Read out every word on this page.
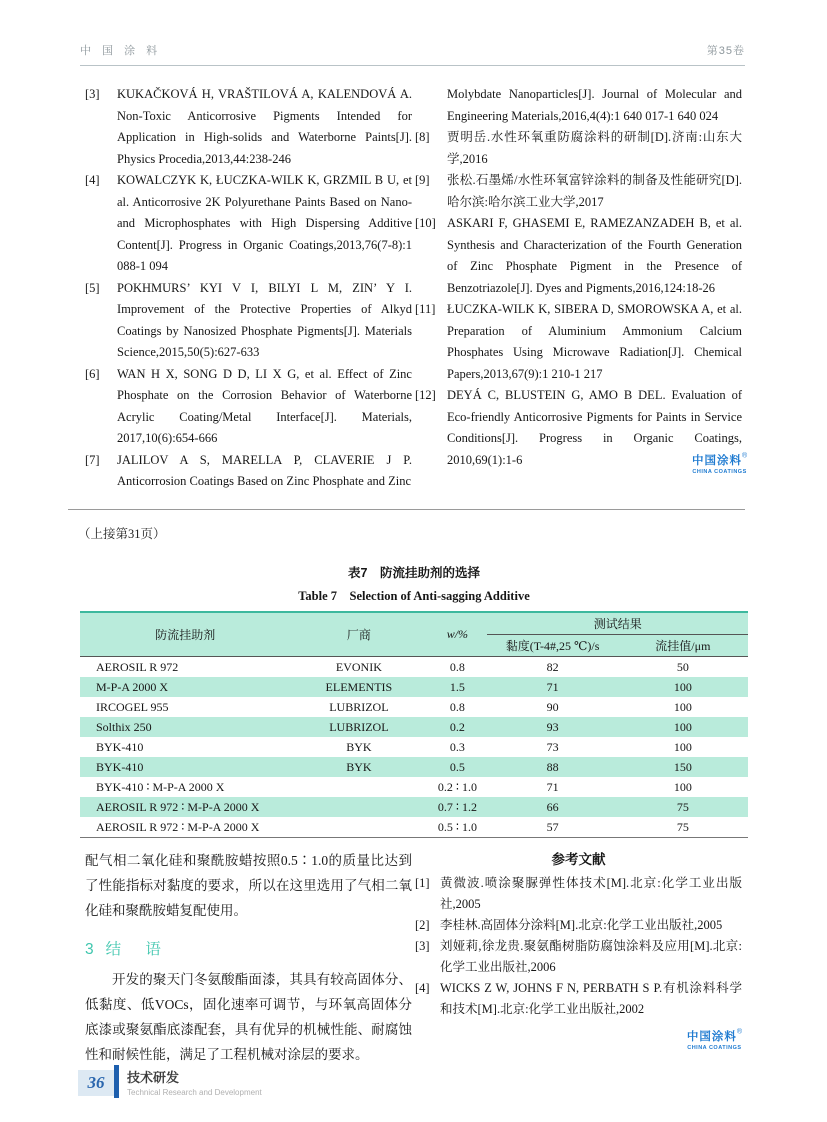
中 国 涂 料	第35卷
[3] KUKAČKOVÁ H, VRAŠTILOVÁ A, KALENDOVÁ A. Non-Toxic Anticorrosive Pigments Intended for Application in High-solids and Waterborne Paints[J]. Physics Procedia,2013,44:238-246
[4] KOWALCZYK K, ŁUCZKA-WILK K, GRZMIL B U, et al. Anticorrosive 2K Polyurethane Paints Based on Nano- and Microphosphates with High Dispersing Additive Content[J]. Progress in Organic Coatings,2013,76(7-8):1 088-1 094
[5] POKHMURS’ KYI V I, BILYI L M, ZIN’ Y I. Improvement of the Protective Properties of Alkyd Coatings by Nanosized Phosphate Pigments[J]. Materials Science,2015,50(5):627-633
[6] WAN H X, SONG D D, LI X G, et al. Effect of Zinc Phosphate on the Corrosion Behavior of Waterborne Acrylic Coating/Metal Interface[J]. Materials, 2017,10(6):654-666
[7] JALILOV A S, MARELLA P, CLAVERIE J P. Anticorrosion Coatings Based on Zinc Phosphate and Zinc
Molybdate Nanoparticles[J]. Journal of Molecular and Engineering Materials,2016,4(4):1 640 017-1 640 024
[8] 贾明岳.水性环氧重防腐涂料的研制[D].济南:山东大学,2016
[9] 张松.石墨烯/水性环氧富锌涂料的制备及性能研究[D].哈尔滨:哈尔滨工业大学,2017
[10] ASKARI F, GHASEMI E, RAMEZANZADEH B, et al. Synthesis and Characterization of the Fourth Generation of Zinc Phosphate Pigment in the Presence of Benzotriazole[J]. Dyes and Pigments,2016,124:18-26
[11] ŁUCZKA-WILK K, SIBERA D, SMOROWSKA A, et al. Preparation of Aluminium Ammonium Calcium Phosphates Using Microwave Radiation[J]. Chemical Papers,2013,67(9):1 210-1 217
[12] DEYÁ C, BLUSTEIN G, AMO B DEL. Evaluation of Eco-friendly Anticorrosive Pigments for Paints in Service Conditions[J]. Progress in Organic Coatings, 2010,69(1):1-6	中国涂料®
CHINA COATINGS
（上接第31页）
表7　防流挂助剂的选择
Table 7　Selection of Anti-sagging Additive
防流挂助剂	厂商	w/%	测试结果	
			黏度(T-4#,25 ℃)/s	流挂值/μm
AEROSIL R 972	EVONIK	0.8	82	50
M-P-A 2000 X	ELEMENTIS	1.5	71	100
IRCOGEL 955	LUBRIZOL	0.8	90	100
Solthix 250	LUBRIZOL	0.2	93	100
BYK-410	BYK	0.3	73	100
BYK-410	BYK	0.5	88	150
BYK-410 ∶ M-P-A 2000 X		0.2 ∶ 1.0	71	100
AEROSIL R 972 ∶ M-P-A 2000 X		0.7 ∶ 1.2	66	75
AEROSIL R 972 ∶ M-P-A 2000 X		0.5 ∶ 1.0	57	75
配气相二氧化硅和聚酰胺蜡按照0.5∶1.0的质量比达到了性能指标对黏度的要求，所以在这里选用了气相二氧化硅和聚酰胺蜡复配使用。
3 结 语
开发的聚天门冬氨酸酯面漆，其具有较高固体分、低黏度、低VOCs，固化速率可调节，与环氧高固体分底漆或聚氨酯底漆配套，具有优异的机械性能、耐腐蚀性和耐候性能，满足了工程机械对涂层的要求。
参考文献
[1] 黄微波.喷涂聚脲弹性体技术[M].北京:化学工业出版社,2005
[2] 李桂林.高固体分涂料[M].北京:化学工业出版社,2005
[3] 刘娅莉,徐龙贵.聚氨酯树脂防腐蚀涂料及应用[M].北京:化学工业出版社,2006
[4] WICKS Z W, JOHNS F N, PERBATH S P.有机涂料科学和技术[M].北京:化学工业出版社,2002
中国涂料®
CHINA COATINGS
36	技术研发
Technical Research and Development
